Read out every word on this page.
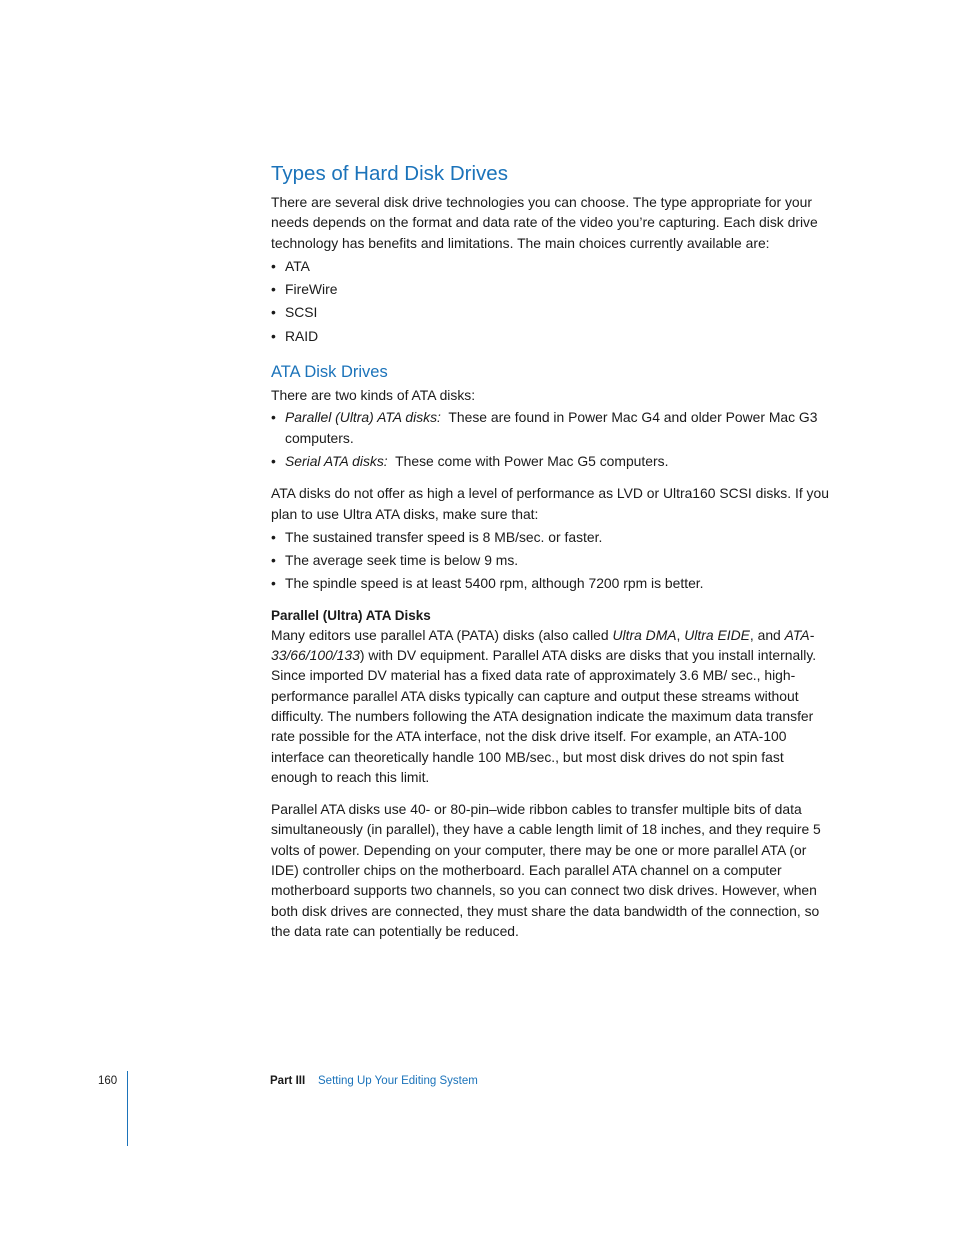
Types of Hard Disk Drives

There are several disk drive technologies you can choose. The type appropriate for your needs depends on the format and data rate of the video you’re capturing. Each disk drive technology has benefits and limitations. The main choices currently available are:

• ATA
• FireWire
• SCSI
• RAID
ATA Disk Drives

There are two kinds of ATA disks:

• Parallel (Ultra) ATA disks: These are found in Power Mac G4 and older Power Mac G3 computers.
• Serial ATA disks: These come with Power Mac G5 computers.

ATA disks do not offer as high a level of performance as LVD or Ultra160 SCSI disks. If you plan to use Ultra ATA disks, make sure that:

• The sustained transfer speed is 8 MB/sec. or faster.
• The average seek time is below 9 ms.
• The spindle speed is at least 5400 rpm, although 7200 rpm is better.
Parallel (Ultra) ATA Disks

Many editors use parallel ATA (PATA) disks (also called Ultra DMA, Ultra EIDE, and ATA-33/66/100/133) with DV equipment. Parallel ATA disks are disks that you install internally. Since imported DV material has a fixed data rate of approximately 3.6 MB/ sec., high-performance parallel ATA disks typically can capture and output these streams without difficulty. The numbers following the ATA designation indicate the maximum data transfer rate possible for the ATA interface, not the disk drive itself. For example, an ATA-100 interface can theoretically handle 100 MB/sec., but most disk drives do not spin fast enough to reach this limit.

Parallel ATA disks use 40- or 80-pin–wide ribbon cables to transfer multiple bits of data simultaneously (in parallel), they have a cable length limit of 18 inches, and they require 5 volts of power. Depending on your computer, there may be one or more parallel ATA (or IDE) controller chips on the motherboard. Each parallel ATA channel on a computer motherboard supports two channels, so you can connect two disk drives. However, when both disk drives are connected, they must share the data bandwidth of the connection, so the data rate can potentially be reduced.

160	Part III Setting Up Your Editing System
